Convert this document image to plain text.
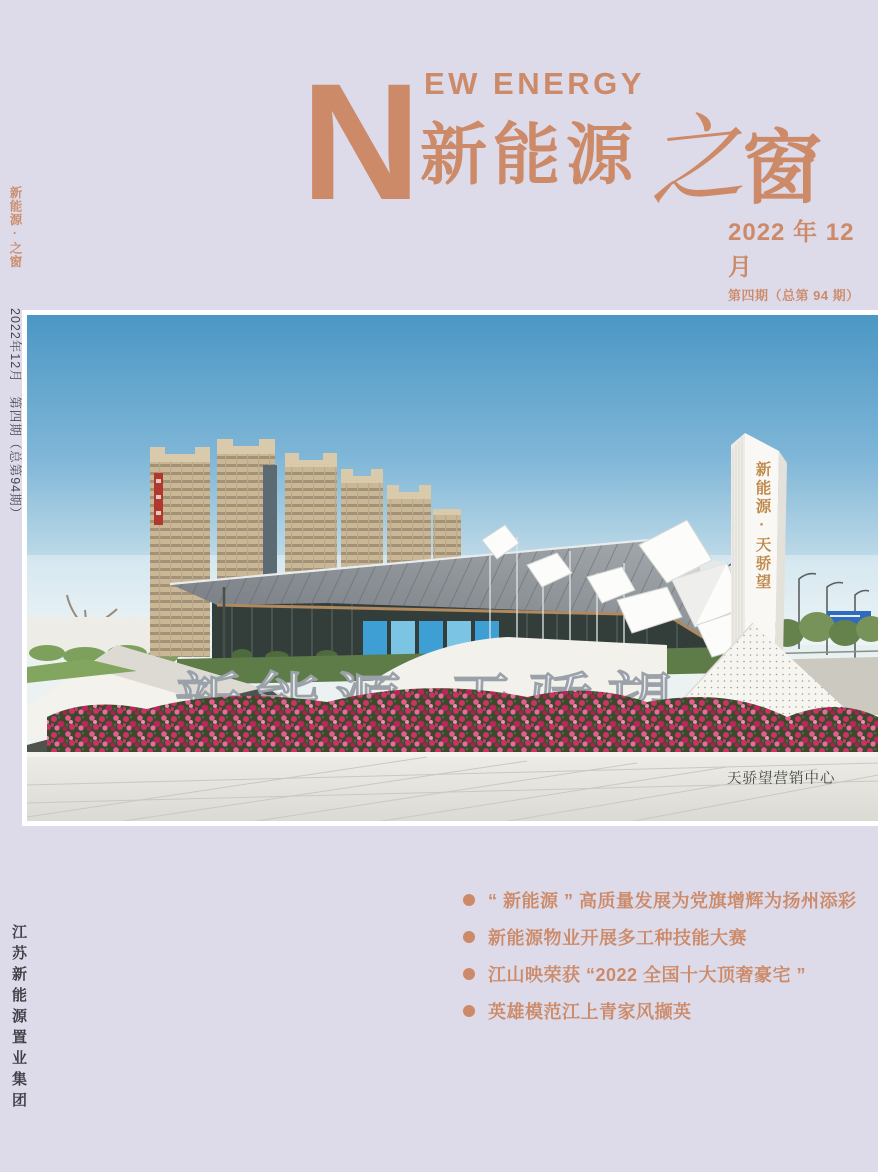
N EW ENERGY
新能源 之
窗
2022 年 12 月
第四期（总第 94 期）
新能源·之窗
2022年12月　第四期（总第94期）
江苏新能源置业集团
新能源·天骄望
天骄望营销中心
“ 新能源 ” 高质量发展为党旗增辉为扬州添彩
新能源物业开展多工种技能大赛
江山映荣获 “2022 全国十大顶奢豪宅 ”
英雄模范江上青家风撷英
